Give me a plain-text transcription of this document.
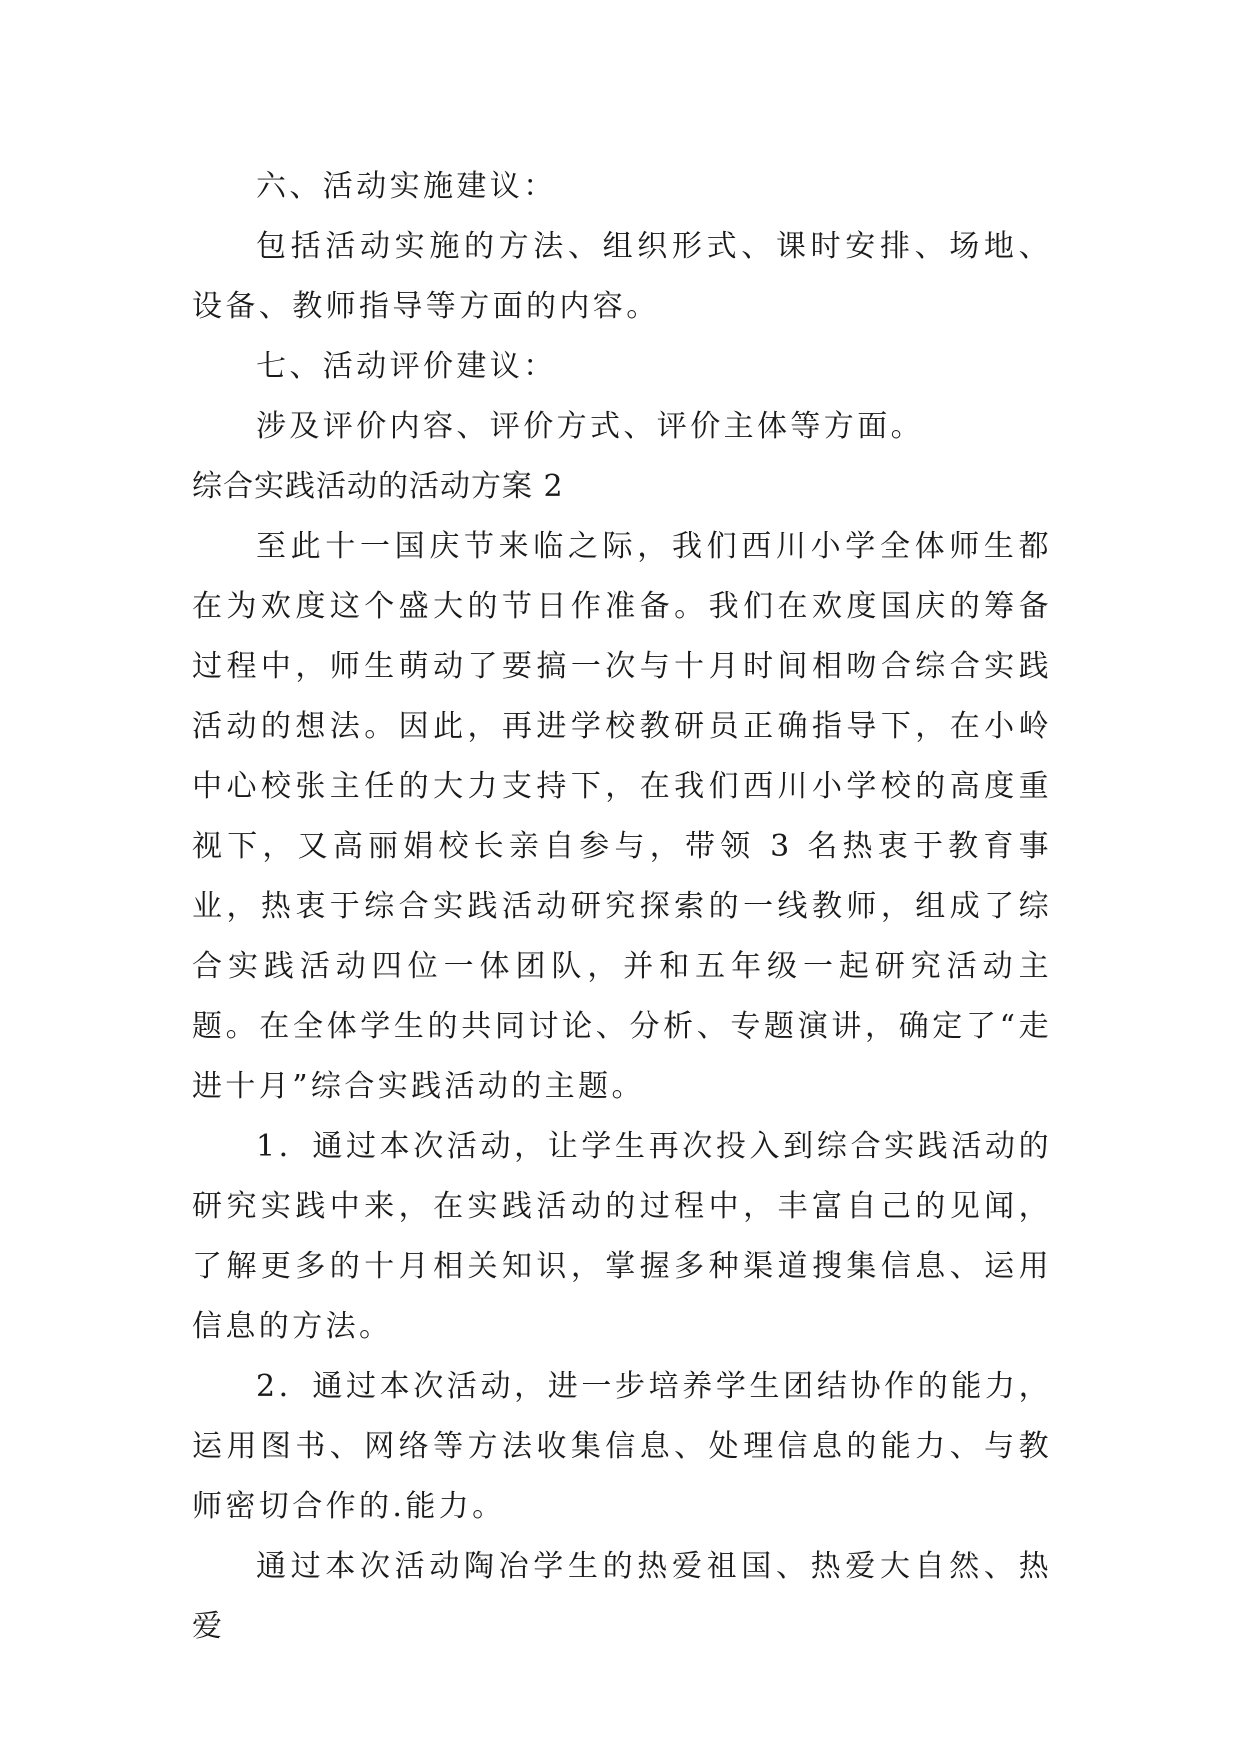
六、活动实施建议：

包括活动实施的方法、组织形式、课时安排、场地、设备、教师指导等方面的内容。

七、活动评价建议：

涉及评价内容、评价方式、评价主体等方面。

综合实践活动的活动方案 2

至此十一国庆节来临之际，我们西川小学全体师生都在为欢度这个盛大的节日作准备。我们在欢度国庆的筹备过程中，师生萌动了要搞一次与十月时间相吻合综合实践活动的想法。因此，再进学校教研员正确指导下，在小岭中心校张主任的大力支持下，在我们西川小学校的高度重视下，又高丽娟校长亲自参与，带领 3 名热衷于教育事业，热衷于综合实践活动研究探索的一线教师，组成了综合实践活动四位一体团队，并和五年级一起研究活动主题。在全体学生的共同讨论、分析、专题演讲，确定了“走进十月”综合实践活动的主题。

1．通过本次活动，让学生再次投入到综合实践活动的研究实践中来，在实践活动的过程中，丰富自己的见闻，了解更多的十月相关知识，掌握多种渠道搜集信息、运用信息的方法。

2．通过本次活动，进一步培养学生团结协作的能力，运用图书、网络等方法收集信息、处理信息的能力、与教师密切合作的.能力。

通过本次活动陶冶学生的热爱祖国、热爱大自然、热爱
